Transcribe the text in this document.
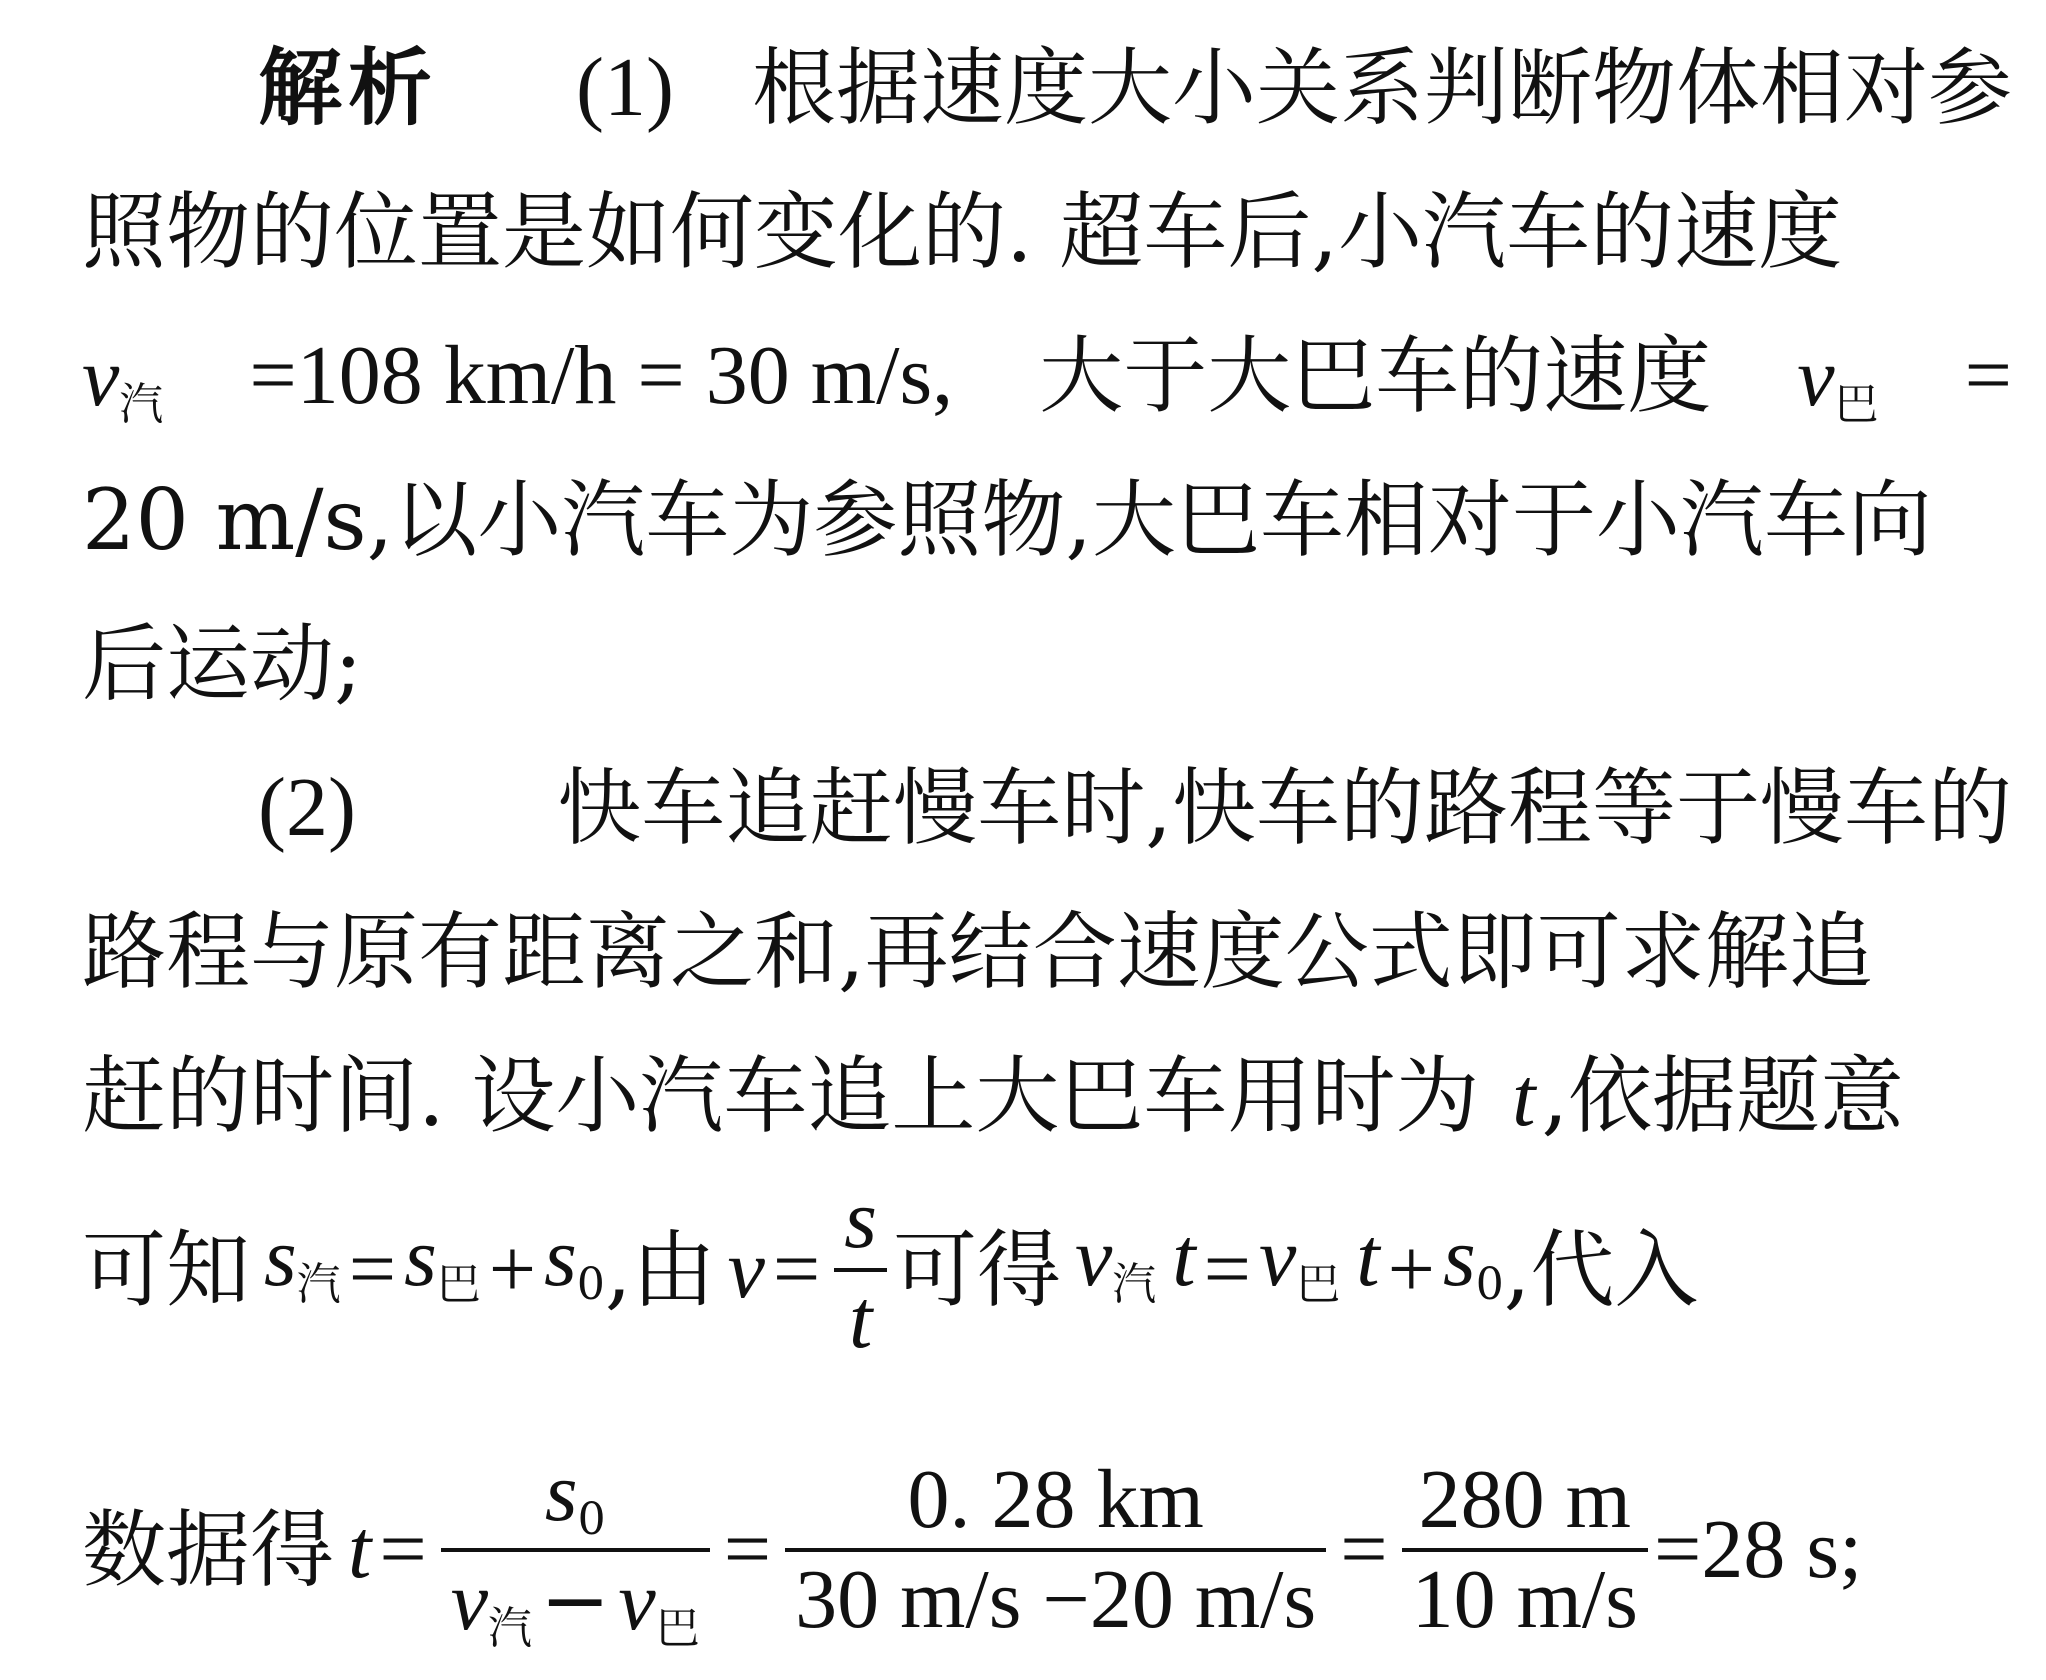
解析 (1) 根据速度大小关系判断物体相对参
照物的位置是如何变化的. 超车后,小汽车的速度
$v_汽 =108$ km/h = 30 m/s, 大于大巴车的速度 $v_巴$ =
20 m/s,以小汽车为参照物,大巴车相对于小汽车向
后运动;
(2) 快车追赶慢车时,快车的路程等于慢车的
路程与原有距离之和,再结合速度公式即可求解追
赶的时间. 设小汽车追上大巴车用时为 t,依据题意
可知 $s_汽 = s_巴 + s_0$ , 由 $v = \frac{s}{t}$ 可得 $v_汽$ $t = v_巴$ $t + s_0$ ,代入
数据得 $t = \frac{s_0}{v_汽-v_巴} = \frac{0. 28 km}{30 m/s -20 m/s} = \frac{280 m}{10 m/s} =28$ s;
